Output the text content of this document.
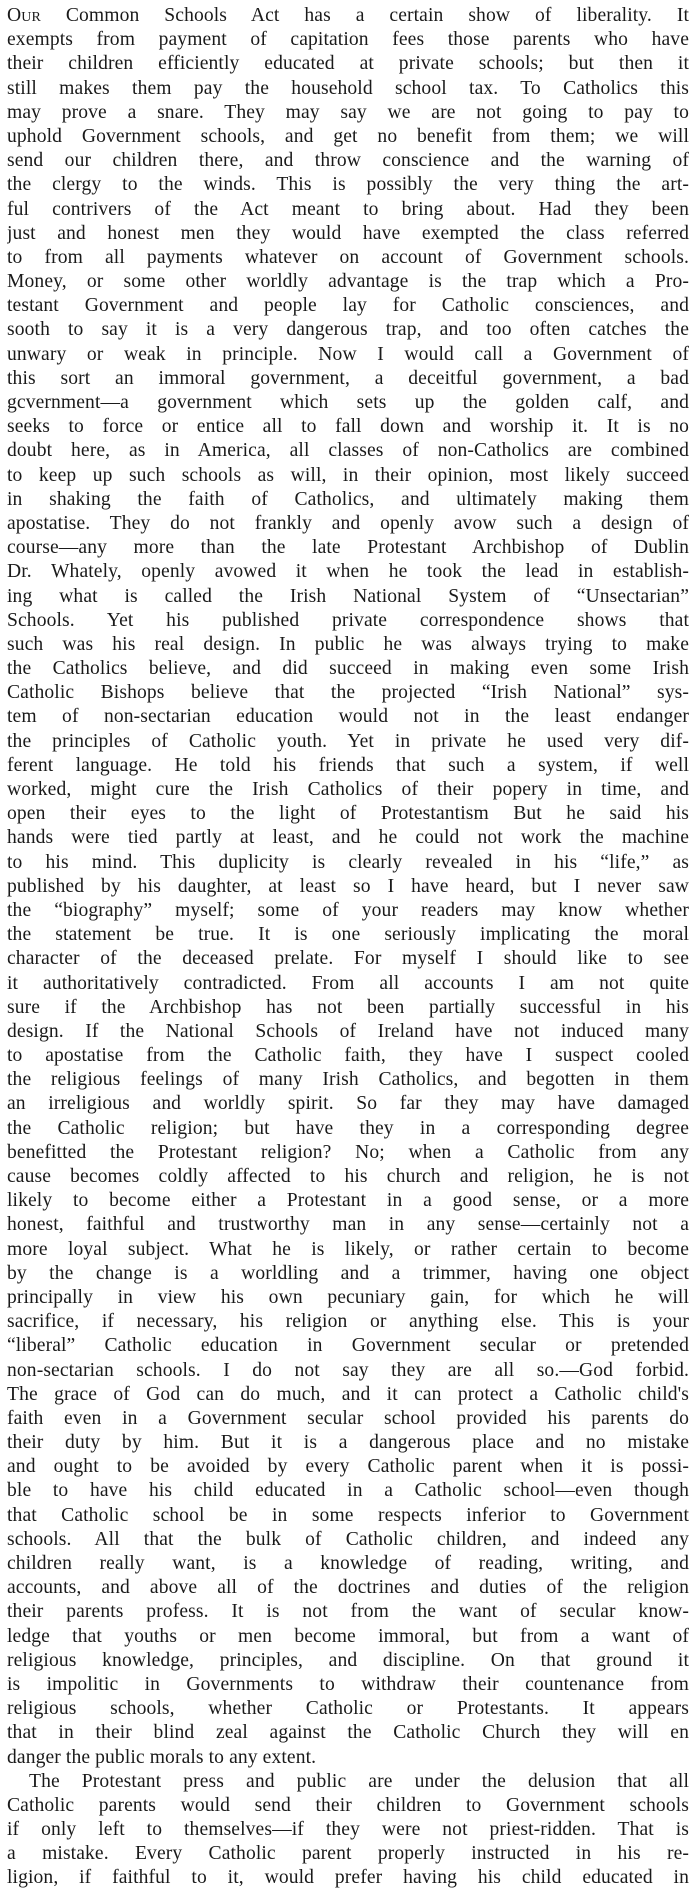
Our Common Schools Act has a certain show of liberality. It
exempts from payment of capitation fees those parents who have
their children efficiently educated at private schools; but then it
still makes them pay the household school tax. To Catholics this
may prove a snare. They may say we are not going to pay to
uphold Government schools, and get no benefit from them; we will
send our children there, and throw conscience and the warning of
the clergy to the winds. This is possibly the very thing the art-
ful contrivers of the Act meant to bring about. Had they been
just and honest men they would have exempted the class referred
to from all payments whatever on account of Government schools.
Money, or some other worldly advantage is the trap which a Pro-
testant Government and people lay for Catholic consciences, and
sooth to say it is a very dangerous trap, and too often catches the
unwary or weak in principle. Now I would call a Government of
this sort an immoral government, a deceitful government, a bad
gcvernment—a government which sets up the golden calf, and
seeks to force or entice all to fall down and worship it. It is no
doubt here, as in America, all classes of non-Catholics are combined
to keep up such schools as will, in their opinion, most likely succeed
in shaking the faith of Catholics, and ultimately making them
apostatise. They do not frankly and openly avow such a design of
course—any more than the late Protestant Archbishop of Dublin
Dr. Whately, openly avowed it when he took the lead in establish-
ing what is called the Irish National System of “Unsectarian”
Schools. Yet his published private correspondence shows that
such was his real design. In public he was always trying to make
the Catholics believe, and did succeed in making even some Irish
Catholic Bishops believe that the projected “Irish National” sys-
tem of non-sectarian education would not in the least endanger
the principles of Catholic youth. Yet in private he used very dif-
ferent language. He told his friends that such a system, if well
worked, might cure the Irish Catholics of their popery in time, and
open their eyes to the light of Protestantism But he said his
hands were tied partly at least, and he could not work the machine
to his mind. This duplicity is clearly revealed in his “life,” as
published by his daughter, at least so I have heard, but I never saw
the “biography” myself; some of your readers may know whether
the statement be true. It is one seriously implicating the moral
character of the deceased prelate. For myself I should like to see
it authoritatively contradicted. From all accounts I am not quite
sure if the Archbishop has not been partially successful in his
design. If the National Schools of Ireland have not induced many
to apostatise from the Catholic faith, they have I suspect cooled
the religious feelings of many Irish Catholics, and begotten in them
an irreligious and worldly spirit. So far they may have damaged
the Catholic religion; but have they in a corresponding degree
benefitted the Protestant religion? No; when a Catholic from any
cause becomes coldly affected to his church and religion, he is not
likely to become either a Protestant in a good sense, or a more
honest, faithful and trustworthy man in any sense—certainly not a
more loyal subject. What he is likely, or rather certain to become
by the change is a worldling and a trimmer, having one object
principally in view his own pecuniary gain, for which he will
sacrifice, if necessary, his religion or anything else. This is your
“liberal” Catholic education in Government secular or pretended
non-sectarian schools. I do not say they are all so.—God forbid.
The grace of God can do much, and it can protect a Catholic child's
faith even in a Government secular school provided his parents do
their duty by him. But it is a dangerous place and no mistake
and ought to be avoided by every Catholic parent when it is possi-
ble to have his child educated in a Catholic school—even though
that Catholic school be in some respects inferior to Government
schools. All that the bulk of Catholic children, and indeed any
children really want, is a knowledge of reading, writing, and
accounts, and above all of the doctrines and duties of the religion
their parents profess. It is not from the want of secular know-
ledge that youths or men become immoral, but from a want of
religious knowledge, principles, and discipline. On that ground it
is impolitic in Governments to withdraw their countenance from
religious schools, whether Catholic or Protestants. It appears
that in their blind zeal against the Catholic Church they will en
danger the public morals to any extent.
The Protestant press and public are under the delusion that all
Catholic parents would send their children to Government schools
if only left to themselves—if they were not priest-ridden. That is
a mistake. Every Catholic parent properly instructed in his re-
ligion, if faithful to it, would prefer having his child educated in
